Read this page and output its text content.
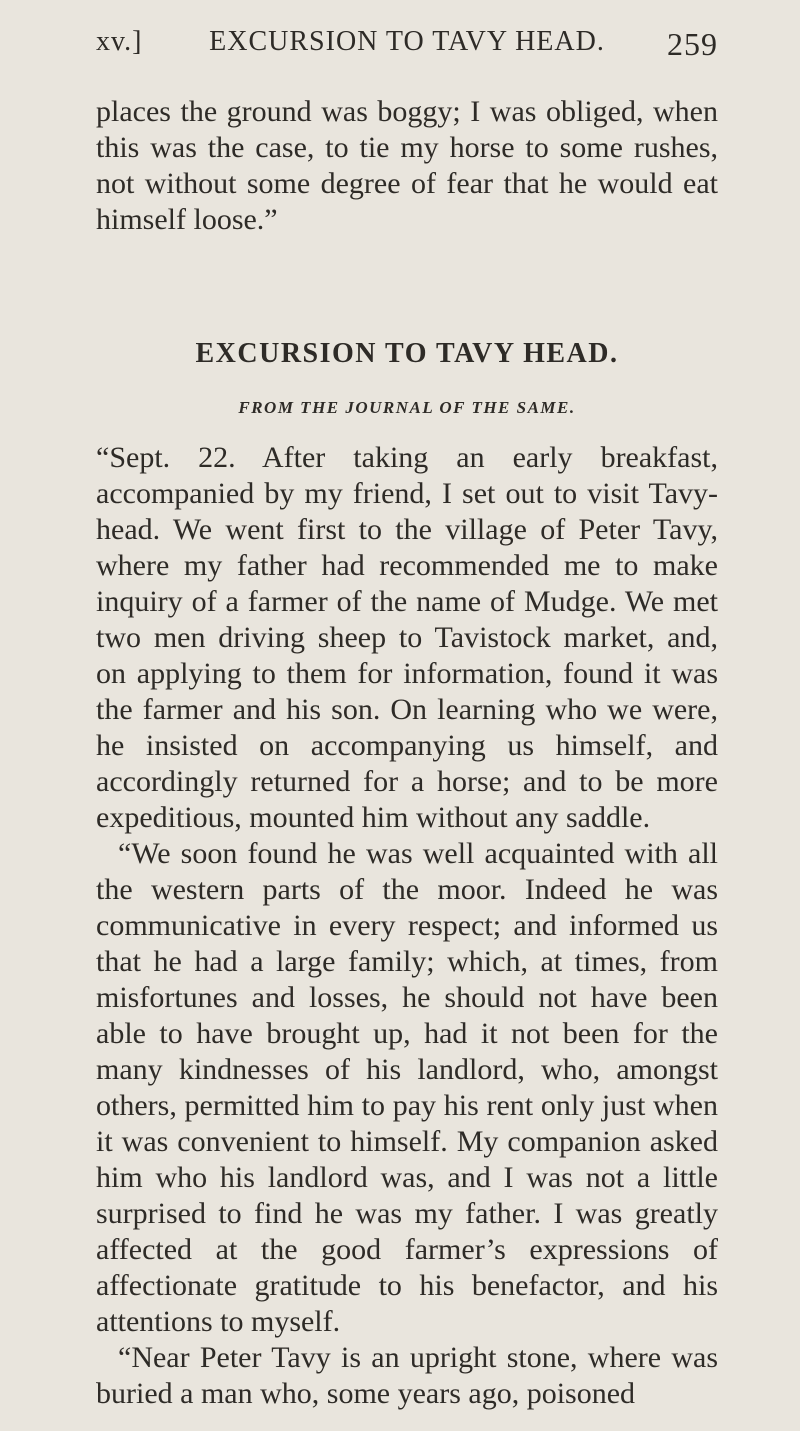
xv.]	EXCURSION TO TAVY HEAD.	259

places the ground was boggy; I was obliged, when this was the case, to tie my horse to some rushes, not without some degree of fear that he would eat himself loose.”

EXCURSION TO TAVY HEAD.
FROM THE JOURNAL OF THE SAME.

“Sept. 22. After taking an early breakfast, accompanied by my friend, I set out to visit Tavy-head. We went first to the village of Peter Tavy, where my father had recommended me to make inquiry of a farmer of the name of Mudge. We met two men driving sheep to Tavistock market, and, on applying to them for information, found it was the farmer and his son. On learning who we were, he insisted on accompanying us himself, and accordingly returned for a horse; and to be more expeditious, mounted him without any saddle.

“We soon found he was well acquainted with all the western parts of the moor. Indeed he was communicative in every respect; and informed us that he had a large family; which, at times, from misfortunes and losses, he should not have been able to have brought up, had it not been for the many kindnesses of his landlord, who, amongst others, permitted him to pay his rent only just when it was convenient to himself. My companion asked him who his landlord was, and I was not a little surprised to find he was my father. I was greatly affected at the good farmer’s expressions of affectionate gratitude to his benefactor, and his attentions to myself.

“Near Peter Tavy is an upright stone, where was buried a man who, some years ago, poisoned
